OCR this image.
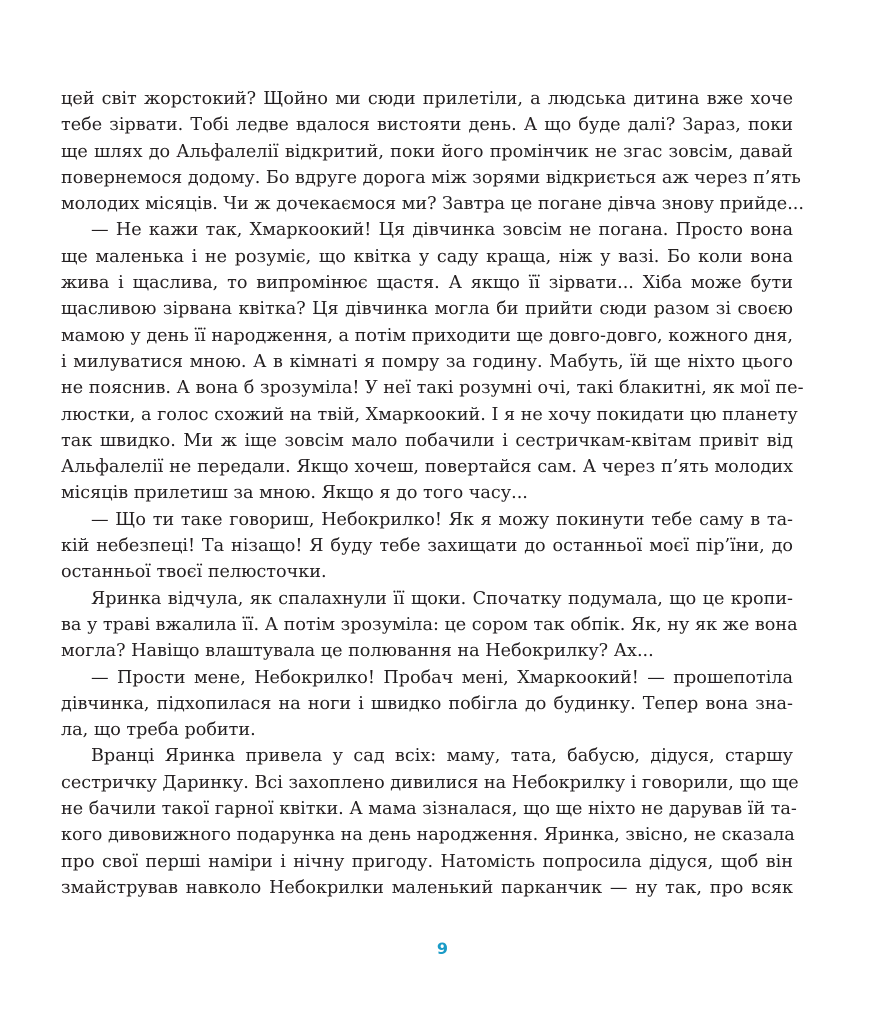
цей світ жорстокий? Щойно ми сюди прилетіли, а людська дитина вже хоче
тебе зірвати. Тобі ледве вдалося вистояти день. А що буде далі? Зараз, поки
ще шлях до Альфалелії відкритий, поки його промінчик не згас зовсім, давай
повернемося додому. Бо вдруге дорога між зорями відкриється аж через п’ять
молодих місяців. Чи ж дочекаємося ми? Завтра це погане дівча знову прийде...
— Не кажи так, Хмаркоокий! Ця дівчинка зовсім не погана. Просто вона
ще маленька і не розуміє, що квітка у саду краща, ніж у вазі. Бо коли вона
жива і щаслива, то випромінює щастя. А якщо її зірвати... Хіба може бути
щасливою зірвана квітка? Ця дівчинка могла би прийти сюди разом зі своєю
мамою у день її народження, а потім приходити ще довго-довго, кожного дня,
і милуватися мною. А в кімнаті я помру за годину. Мабуть, їй ще ніхто цього
не пояснив. А вона б зрозуміла! У неї такі розумні очі, такі блакитні, як мої пе-
люстки, а голос схожий на твій, Хмаркоокий. І я не хочу покидати цю планету
так швидко. Ми ж іще зовсім мало побачили і сестричкам-квітам привіт від
Альфалелії не передали. Якщо хочеш, повертайся сам. А через п’ять молодих
місяців прилетиш за мною. Якщо я до того часу...
— Що ти таке говориш, Небокрилко! Як я можу покинути тебе саму в та-
кій небезпеці! Та нізащо! Я буду тебе захищати до останньої моєї пір’їни, до
останньої твоєї пелюсточки.
Яринка відчула, як спалахнули її щоки. Спочатку подумала, що це кропи-
ва у траві вжалила її. А потім зрозуміла: це сором так обпік. Як, ну як же вона
могла? Навіщо влаштувала це полювання на Небокрилку? Ах...
— Прости мене, Небокрилко! Пробач мені, Хмаркоокий! — прошепотіла
дівчинка, підхопилася на ноги і швидко побігла до будинку. Тепер вона зна-
ла, що треба робити.
Вранці Яринка привела у сад всіх: маму, тата, бабусю, дідуся, старшу
сестричку Даринку. Всі захоплено дивилися на Небокрилку і говорили, що ще
не бачили такої гарної квітки. А мама зізналася, що ще ніхто не дарував їй та-
кого дивовижного подарунка на день народження. Яринка, звісно, не сказала
про свої перші наміри і нічну пригоду. Натомість попросила дідуся, щоб він
змайстрував навколо Небокрилки маленький парканчик — ну так, про всяк
9
